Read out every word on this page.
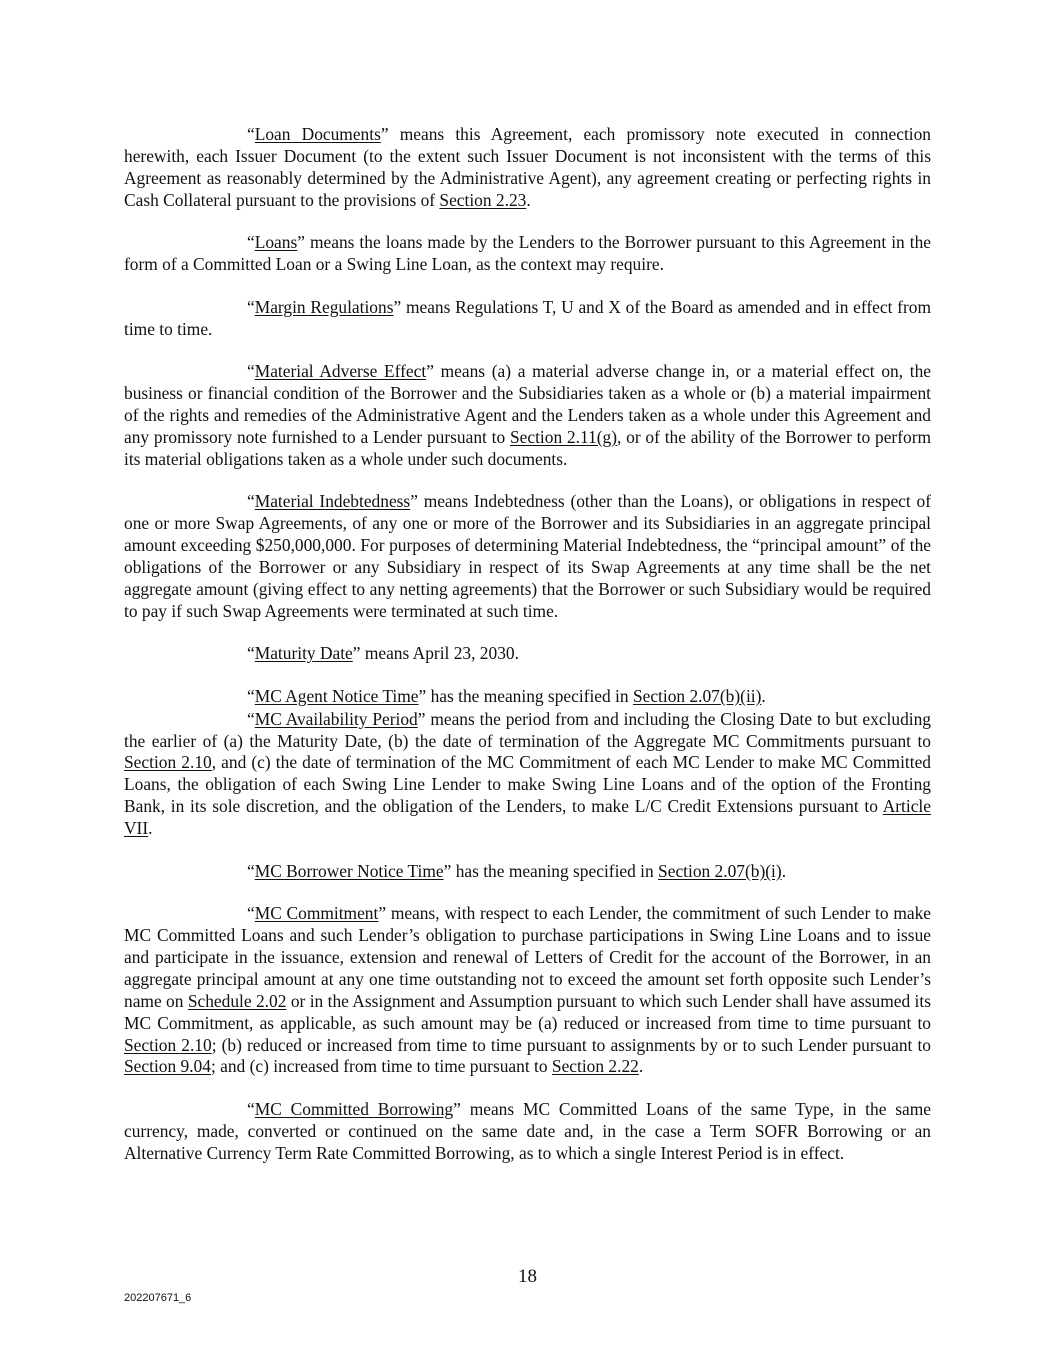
“Loan Documents” means this Agreement, each promissory note executed in connection herewith, each Issuer Document (to the extent such Issuer Document is not inconsistent with the terms of this Agreement as reasonably determined by the Administrative Agent), any agreement creating or perfecting rights in Cash Collateral pursuant to the provisions of Section 2.23.

“Loans” means the loans made by the Lenders to the Borrower pursuant to this Agreement in the form of a Committed Loan or a Swing Line Loan, as the context may require.

“Margin Regulations” means Regulations T, U and X of the Board as amended and in effect from time to time.

“Material Adverse Effect” means (a) a material adverse change in, or a material effect on, the business or financial condition of the Borrower and the Subsidiaries taken as a whole or (b) a material impairment of the rights and remedies of the Administrative Agent and the Lenders taken as a whole under this Agreement and any promissory note furnished to a Lender pursuant to Section 2.11(g), or of the ability of the Borrower to perform its material obligations taken as a whole under such documents.

“Material Indebtedness” means Indebtedness (other than the Loans), or obligations in respect of one or more Swap Agreements, of any one or more of the Borrower and its Subsidiaries in an aggregate principal amount exceeding $250,000,000. For purposes of determining Material Indebtedness, the “principal amount” of the obligations of the Borrower or any Subsidiary in respect of its Swap Agreements at any time shall be the net aggregate amount (giving effect to any netting agreements) that the Borrower or such Subsidiary would be required to pay if such Swap Agreements were terminated at such time.

“Maturity Date” means April 23, 2030.

“MC Agent Notice Time” has the meaning specified in Section 2.07(b)(ii).

“MC Availability Period” means the period from and including the Closing Date to but excluding the earlier of (a) the Maturity Date, (b) the date of termination of the Aggregate MC Commitments pursuant to Section 2.10, and (c) the date of termination of the MC Commitment of each MC Lender to make MC Committed Loans, the obligation of each Swing Line Lender to make Swing Line Loans and of the option of the Fronting Bank, in its sole discretion, and the obligation of the Lenders, to make L/C Credit Extensions pursuant to Article VII.

“MC Borrower Notice Time” has the meaning specified in Section 2.07(b)(i).

“MC Commitment” means, with respect to each Lender, the commitment of such Lender to make MC Committed Loans and such Lender’s obligation to purchase participations in Swing Line Loans and to issue and participate in the issuance, extension and renewal of Letters of Credit for the account of the Borrower, in an aggregate principal amount at any one time outstanding not to exceed the amount set forth opposite such Lender’s name on Schedule 2.02 or in the Assignment and Assumption pursuant to which such Lender shall have assumed its MC Commitment, as applicable, as such amount may be (a) reduced or increased from time to time pursuant to Section 2.10; (b) reduced or increased from time to time pursuant to assignments by or to such Lender pursuant to Section 9.04; and (c) increased from time to time pursuant to Section 2.22.

“MC Committed Borrowing” means MC Committed Loans of the same Type, in the same currency, made, converted or continued on the same date and, in the case a Term SOFR Borrowing or an Alternative Currency Term Rate Committed Borrowing, as to which a single Interest Period is in effect.

18
202207671_6
